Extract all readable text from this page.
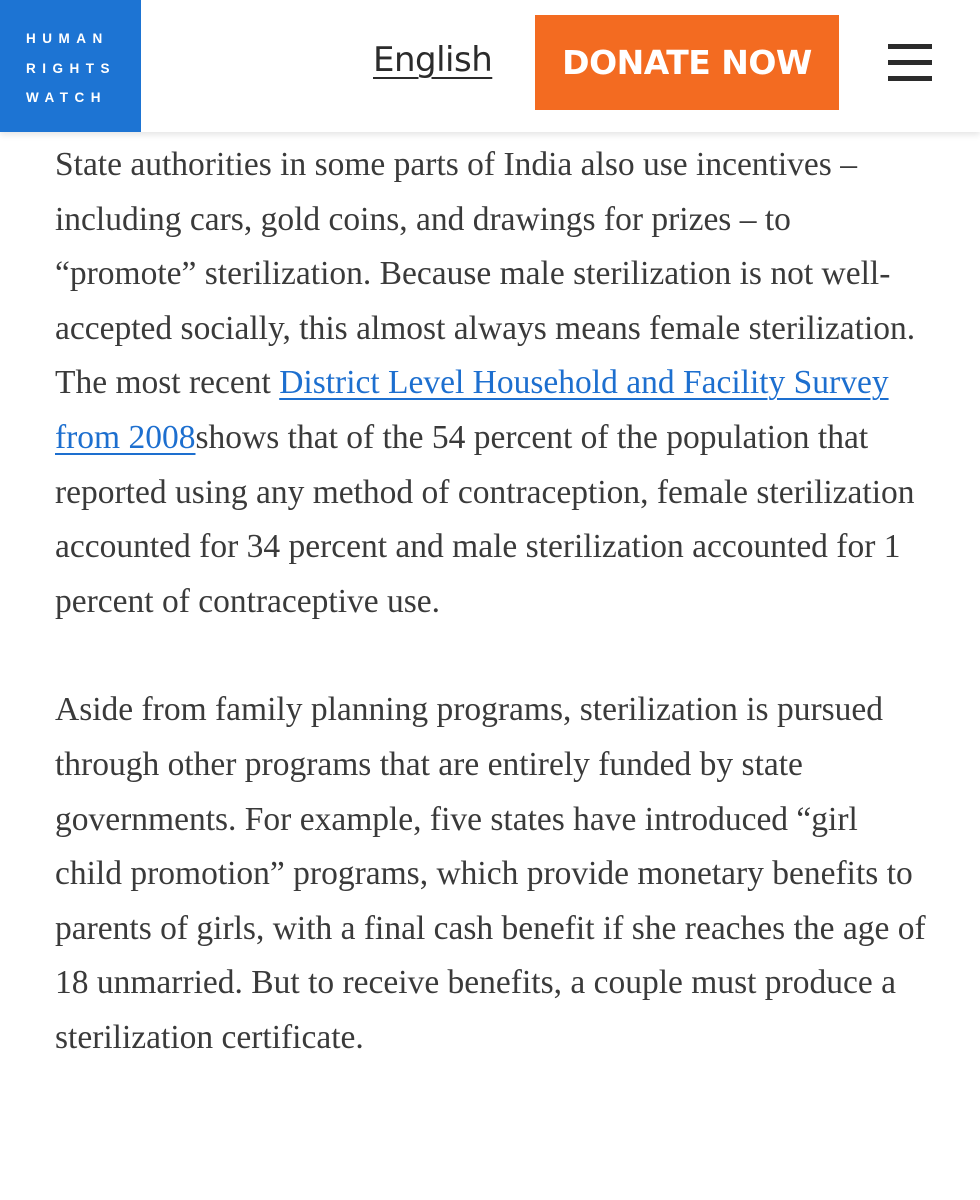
HUMAN
RIGHTS
WATCH
English	DONATE NOW

State authorities in some parts of India also use incentives – including cars, gold coins, and drawings for prizes – to “promote” sterilization. Because male sterilization is not well-accepted socially, this almost always means female sterilization. The most recent District Level Household and Facility Survey from 2008shows that of the 54 percent of the population that reported using any method of contraception, female sterilization accounted for 34 percent and male sterilization accounted for 1 percent of contraceptive use.

Aside from family planning programs, sterilization is pursued through other programs that are entirely funded by state governments. For example, five states have introduced “girl child promotion” programs, which provide monetary benefits to parents of girls, with a final cash benefit if she reaches the age of 18 unmarried. But to receive benefits, a couple must produce a sterilization certificate.
